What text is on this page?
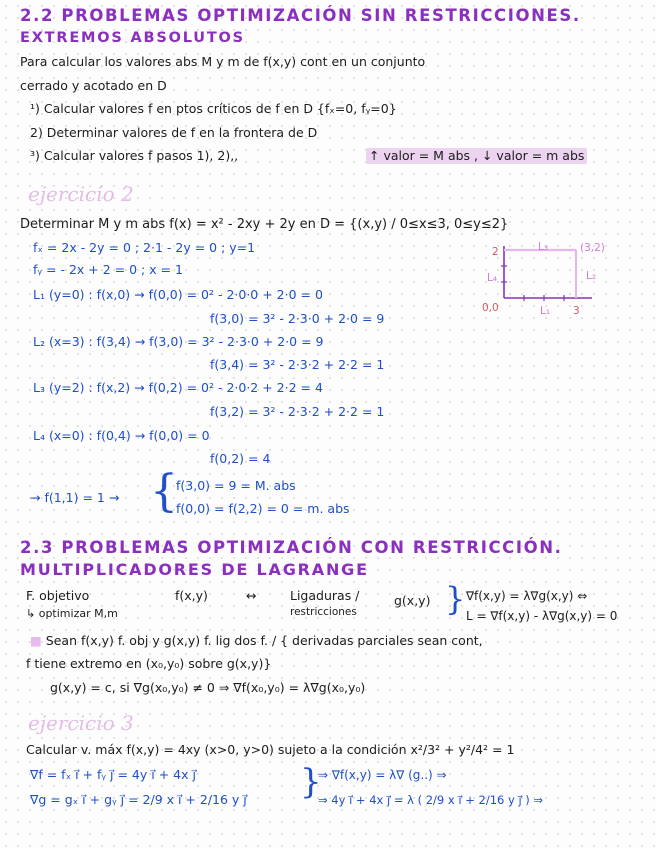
2.2 PROBLEMAS OPTIMIZACIÓN SIN RESTRICCIONES.
EXTREMOS ABSOLUTOS
Para calcular los valores abs M y m de f(x,y) cont en un conjunto
cerrado y acotado en D
¹) Calcular valores f en ptos críticos de f en D {fₓ=0, fᵧ=0}
2) Determinar valores de f en la frontera de D
³) Calcular valores f pasos 1), 2),,	↑ valor = M abs , ↓ valor = m abs
ejercicio 2
Determinar M y m abs f(x) = x² - 2xy + 2y en D = {(x,y) / 0≤x≤3, 0≤y≤2}
fₓ = 2x - 2y = 0 ; 2·1 - 2y = 0 ; y=1
fᵧ = - 2x + 2 = 0 ; x = 1
L₁ (y=0) : f(x,0) → f(0,0) = 0² - 2·0·0 + 2·0 = 0
f(3,0) = 3² - 2·3·0 + 2·0 = 9
L₂ (x=3) : f(3,4) → f(3,0) = 3² - 2·3·0 + 2·0 = 9
f(3,4) = 3² - 2·3·2 + 2·2 = 1
L₃ (y=2) : f(x,2) → f(0,2) = 0² - 2·0·2 + 2·2 = 4
f(3,2) = 3² - 2·3·2 + 2·2 = 1
L₄ (x=0) : f(0,4) → f(0,0) = 0
f(0,2) = 4
→ f(1,1) = 1 → {
f(3,0) = 9 = M. abs
f(0,0) = f(2,2) = 0 = m. abs
2	L₃	(3,2)
L₄	L₂
0,0	L₁ 3
2.3 PROBLEMAS OPTIMIZACIÓN CON RESTRICCIÓN.
MULTIPLICADORES DE LAGRANGE
F. objetivo
↳ optimizar M,m
f(x,y)	↔	Ligaduras /
restricciones
g(x,y) { ∇f(x,y) = λ∇g(x,y) ⇔
L = ∇f(x,y) - λ∇g(x,y) = 0
■ Sean f(x,y) f. obj y g(x,y) f. lig dos f. / { derivadas parciales sean cont,
f tiene extremo en (x₀,y₀) sobre g(x,y)}
g(x,y) = c, si ∇g(x₀,y₀) ≠ 0 ⇒ ∇f(x₀,y₀) = λ∇g(x₀,y₀)
ejercicio 3
Calcular v. máx f(x,y) = 4xy (x>0, y>0) sujeto a la condición x²/3² + y²/4² = 1
∇f = fₓ i⃗ + fᵧ j⃗ = 4y i⃗ + 4x j⃗
∇g = gₓ i⃗ + gᵧ j⃗ = 2/9 x i⃗ + 2/16 y j⃗ {
⇒ ∇f(x,y) = λ∇ (g..) ⇒
⇒ 4y i⃗ + 4x j⃗ = λ ( 2/9 x i⃗ + 2/16 y j⃗ ) ⇒
